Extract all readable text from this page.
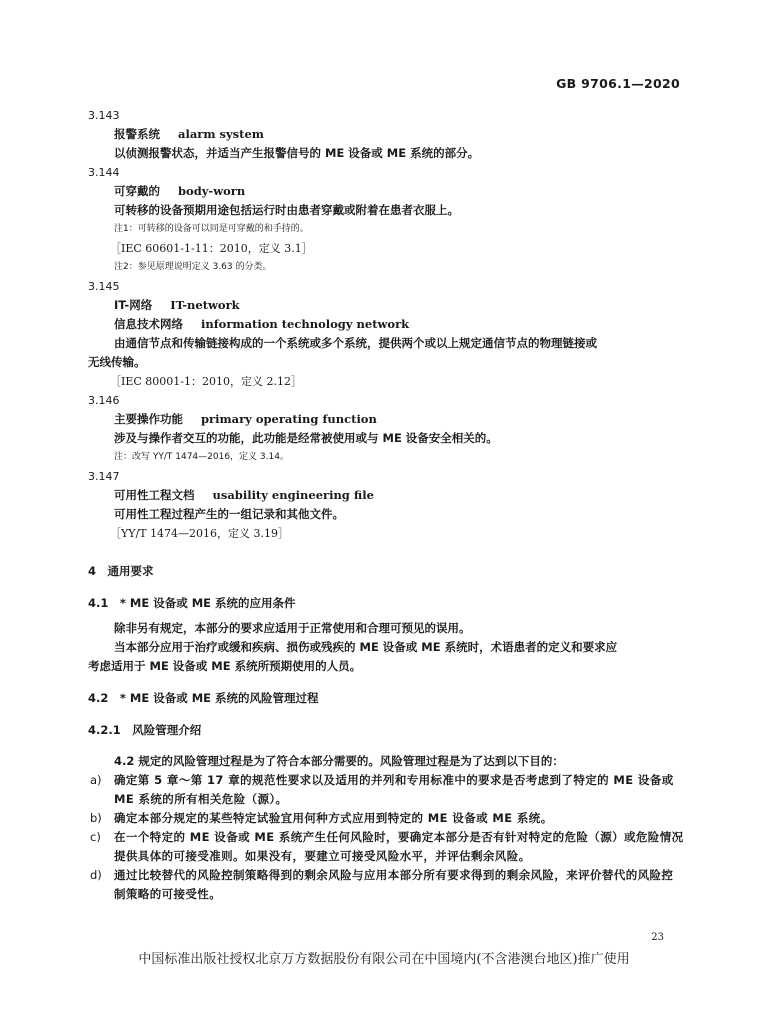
GB 9706.1—2020
3.143
报警系统 alarm system
以侦测报警状态，并适当产生报警信号的 ME 设备或 ME 系统的部分。
3.144
可穿戴的 body-worn
可转移的设备预期用途包括运行时由患者穿戴或附着在患者衣服上。
注1：可转移的设备可以同是可穿戴的和手持的。
［IEC 60601-1-11：2010，定义 3.1］
注2：参见原理说明定义 3.63 的分类。
3.145
IT-网络 IT-network
信息技术网络 information technology network
由通信节点和传输链接构成的一个系统或多个系统，提供两个或以上规定通信节点的物理链接或
无线传输。
［IEC 80001-1：2010，定义 2.12］
3.146
主要操作功能 primary operating function
涉及与操作者交互的功能，此功能是经常被使用或与 ME 设备安全相关的。
注：改写 YY/T 1474—2016，定义 3.14。
3.147
可用性工程文档 usability engineering file
可用性工程过程产生的一组记录和其他文件。
［YY/T 1474—2016，定义 3.19］
4　通用要求
4.1　* ME 设备或 ME 系统的应用条件
除非另有规定，本部分的要求应适用于正常使用和合理可预见的误用。
当本部分应用于治疗或缓和疾病、损伤或残疾的 ME 设备或 ME 系统时，术语患者的定义和要求应
考虑适用于 ME 设备或 ME 系统所预期使用的人员。
4.2　* ME 设备或 ME 系统的风险管理过程
4.2.1　风险管理介绍
4.2 规定的风险管理过程是为了符合本部分需要的。风险管理过程是为了达到以下目的：
a)	确定第 5 章～第 17 章的规范性要求以及适用的并列和专用标准中的要求是否考虑到了特定的 ME 设备或 ME 系统的所有相关危险（源）。
b)	确定本部分规定的某些特定试验宜用何种方式应用到特定的 ME 设备或 ME 系统。
c)	在一个特定的 ME 设备或 ME 系统产生任何风险时，要确定本部分是否有针对特定的危险（源）或危险情况提供具体的可接受准则。如果没有，要建立可接受风险水平，并评估剩余风险。
d)	通过比较替代的风险控制策略得到的剩余风险与应用本部分所有要求得到的剩余风险，来评价替代的风险控制策略的可接受性。
23
中国标准出版社授权北京万方数据股份有限公司在中国境内(不含港澳台地区)推广使用
